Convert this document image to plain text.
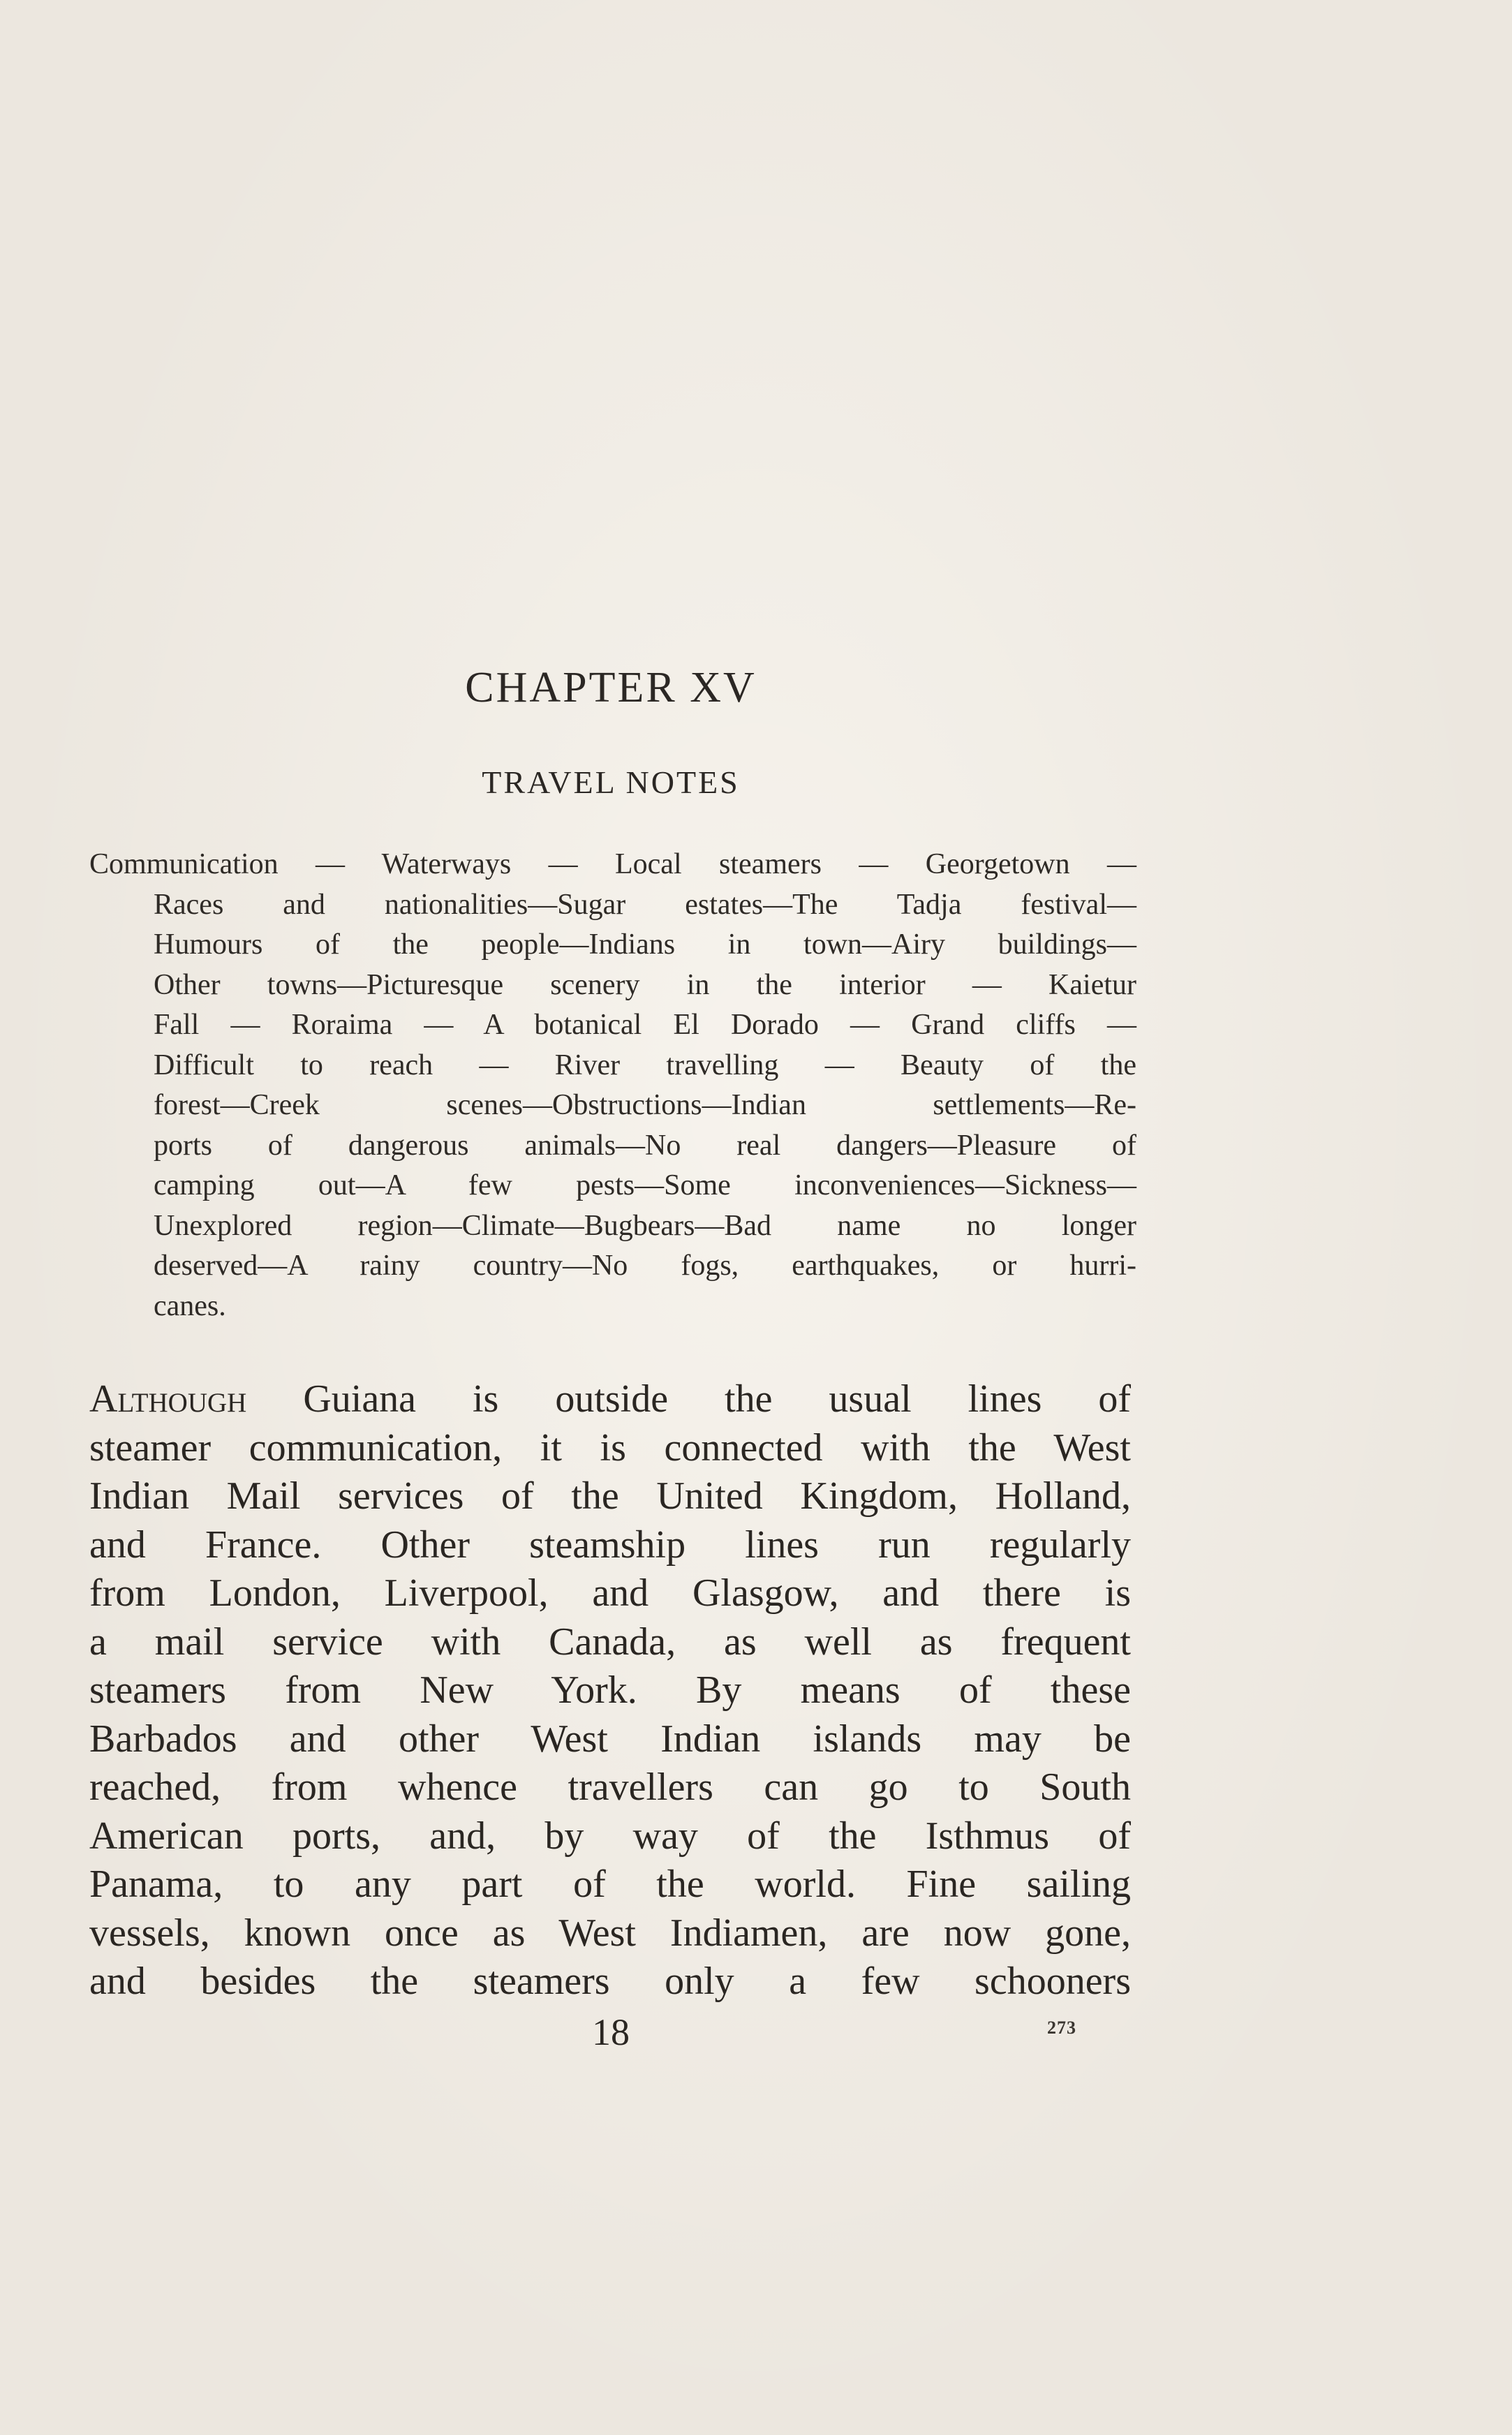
CHAPTER XV
TRAVEL NOTES
Communication — Waterways — Local steamers — Georgetown —
Races and nationalities—Sugar estates—The Tadja festival—
Humours of the people—Indians in town—Airy buildings—
Other towns—Picturesque scenery in the interior — Kaietur
Fall — Roraima — A botanical El Dorado — Grand cliffs —
Difficult to reach — River travelling — Beauty of the
forest—Creek scenes—Obstructions—Indian settlements—Re-
ports of dangerous animals—No real dangers—Pleasure of
camping out—A few pests—Some inconveniences—Sickness—
Unexplored region—Climate—Bugbears—Bad name no longer
deserved—A rainy country—No fogs, earthquakes, or hurri-
canes.
Although Guiana is outside the usual lines of
steamer communication, it is connected with the West
Indian Mail services of the United Kingdom, Holland,
and France. Other steamship lines run regularly
from London, Liverpool, and Glasgow, and there is
a mail service with Canada, as well as frequent
steamers from New York. By means of these
Barbados and other West Indian islands may be
reached, from whence travellers can go to South
American ports, and, by way of the Isthmus of
Panama, to any part of the world. Fine sailing
vessels, known once as West Indiamen, are now gone,
and besides the steamers only a few schooners
18	273
